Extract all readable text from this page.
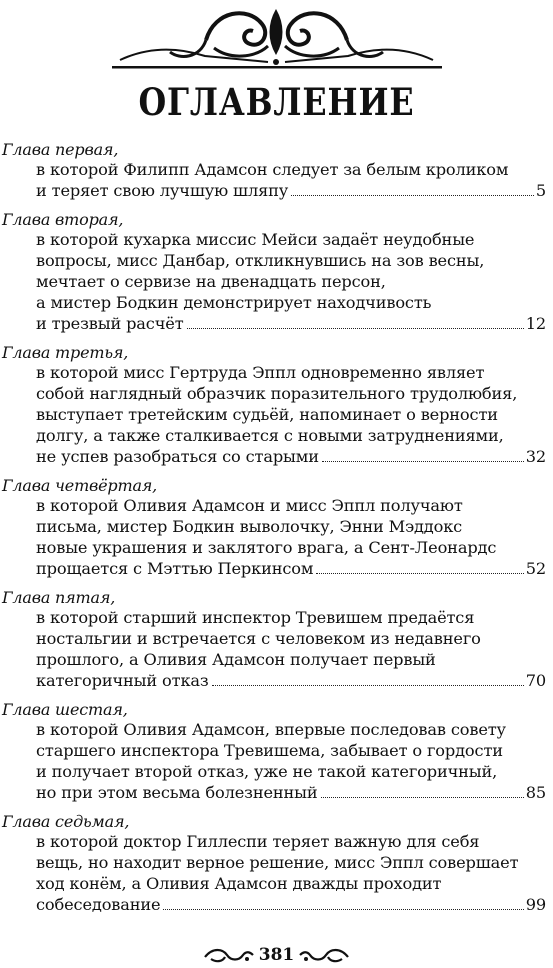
ОГЛАВЛЕНИЕ
Глава первая,
в которой Филипп Адамсон следует за белым кроликом
и теряет свою лучшую шляпу	5
Глава вторая,
в которой кухарка миссис Мейси задаёт неудобные
вопросы, мисс Данбар, откликнувшись на зов весны,
мечтает о сервизе на двенадцать персон,
а мистер Бодкин демонстрирует находчивость
и трезвый расчёт	12
Глава третья,
в которой мисс Гертруда Эппл одновременно являет
собой наглядный образчик поразительного трудолюбия,
выступает третейским судьёй, напоминает о верности
долгу, а также сталкивается с новыми затруднениями,
не успев разобраться со старыми	32
Глава четвёртая,
в которой Оливия Адамсон и мисс Эппл получают
письма, мистер Бодкин выволочку, Энни Мэддокс
новые украшения и заклятого врага, а Сент-Леонардс
прощается с Мэттью Перкинсом	52
Глава пятая,
в которой старший инспектор Тревишем предаётся
ностальгии и встречается с человеком из недавнего
прошлого, а Оливия Адамсон получает первый
категоричный отказ	70
Глава шестая,
в которой Оливия Адамсон, впервые последовав совету
старшего инспектора Тревишема, забывает о гордости
и получает второй отказ, уже не такой категоричный,
но при этом весьма болезненный	85
Глава седьмая,
в которой доктор Гиллеспи теряет важную для себя
вещь, но находит верное решение, мисс Эппл совершает
ход конём, а Оливия Адамсон дважды проходит
собеседование	99
381
